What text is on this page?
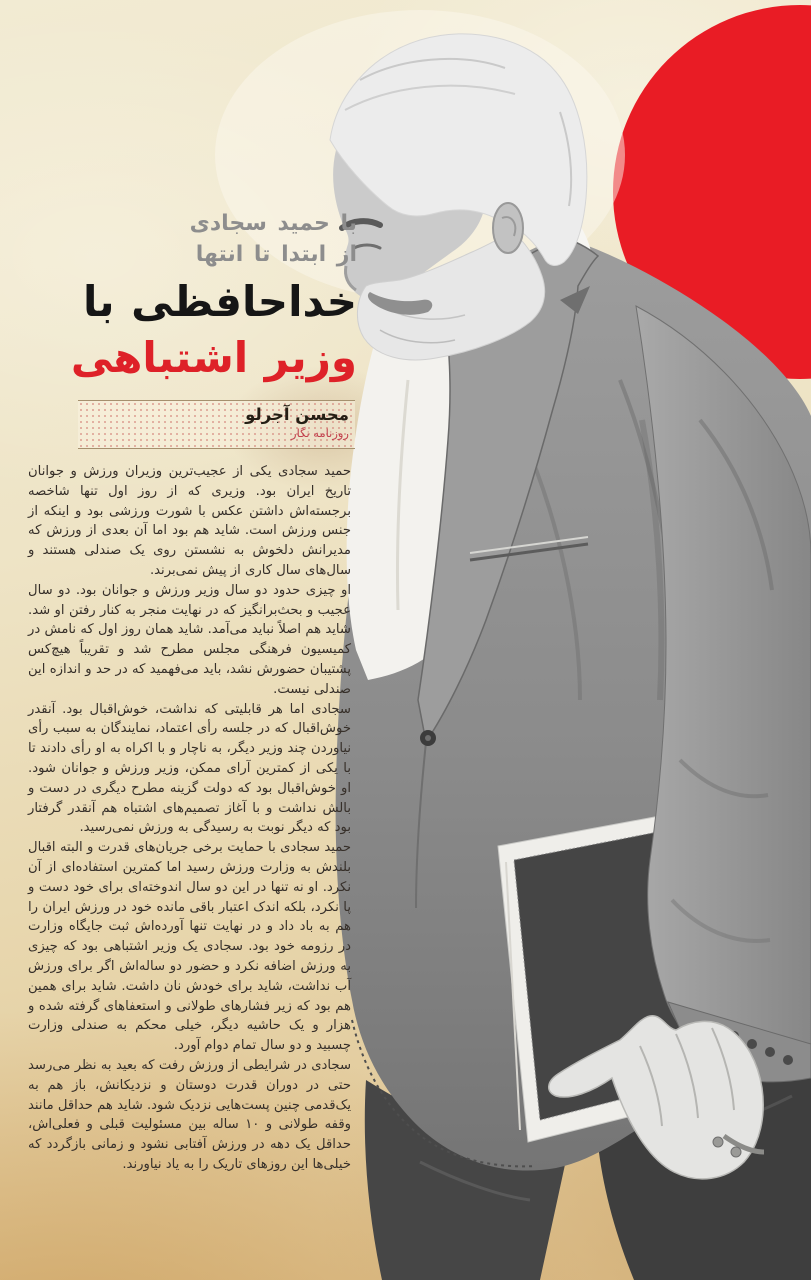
با حمید سجادی
از ابتدا تا انتها
خداحافظی با
وزیر اشتباهی
محسن آجرلو
روزنامه نگار

حمید سجادی یکی از عجیب‌ترین وزیران ورزش و جوانان تاریخ ایران بود. وزیری که از روز اول تنها شاخصه برجسته‌اش داشتن عکس با شورت ورزشی بود و اینکه از جنس ورزش است. شاید هم بود اما آن بعدی از ورزش که مدیرانش دلخوش به نشستن روی یک صندلی هستند و سال‌های سال کاری از پیش نمی‌برند.

او چیزی حدود دو سال وزیر ورزش و جوانان بود. دو سال عجیب و بحث‌برانگیز که در نهایت منجر به کنار رفتن او شد. شاید هم اصلاً نباید می‌آمد. شاید همان روز اول که نامش در کمیسیون فرهنگی مجلس مطرح شد و تقریباً هیچ‌کس پشتیبان حضورش نشد، باید می‌فهمید که در حد و اندازه این صندلی نیست.

سجادی اما هر قابلیتی که نداشت، خوش‌اقبال بود. آنقدر خوش‌اقبال که در جلسه رأی اعتماد، نمایندگان به سبب رأی نیاوردن چند وزیر دیگر، به ناچار و با اکراه به او رأی دادند تا با یکی از کمترین آرای ممکن، وزیر ورزش و جوانان شود. او خوش‌اقبال بود که دولت گزینه مطرح دیگری در دست و بالش نداشت و با آغاز تصمیم‌های اشتباه هم آنقدر گرفتار بود که دیگر نوبت به رسیدگی به ورزش نمی‌رسید.

حمید سجادی با حمایت برخی جریان‌های قدرت و البته اقبال بلندش به وزارت ورزش رسید اما کمترین استفاده‌ای از آن نکرد. او نه تنها در این دو سال اندوخته‌ای برای خود دست و پا نکرد، بلکه اندک اعتبار باقی مانده خود در ورزش ایران را هم به باد داد و در نهایت تنها آورده‌اش ثبت جایگاه وزارت در رزومه خود بود. سجادی یک وزیر اشتباهی بود که چیزی به ورزش اضافه نکرد و حضور دو ساله‌اش اگر برای ورزش آب نداشت، شاید برای خودش نان داشت. شاید برای همین هم بود که زیر فشارهای طولانی و استعفاهای گرفته شده و هزار و یک حاشیه دیگر، خیلی محکم به صندلی وزارت چسبید و دو سال تمام دوام آورد.

سجادی در شرایطی از ورزش رفت که بعید به نظر می‌رسد حتی در دوران قدرت دوستان و نزدیکانش، باز هم به یک‌قدمی چنین پست‌هایی نزدیک شود. شاید هم حداقل مانند وقفه طولانی و ۱۰ ساله بین مسئولیت قبلی و فعلی‌اش، حداقل یک دهه در ورزش آفتابی نشود و زمانی بازگردد که خیلی‌ها این روزهای تاریک را به یاد نیاورند.
